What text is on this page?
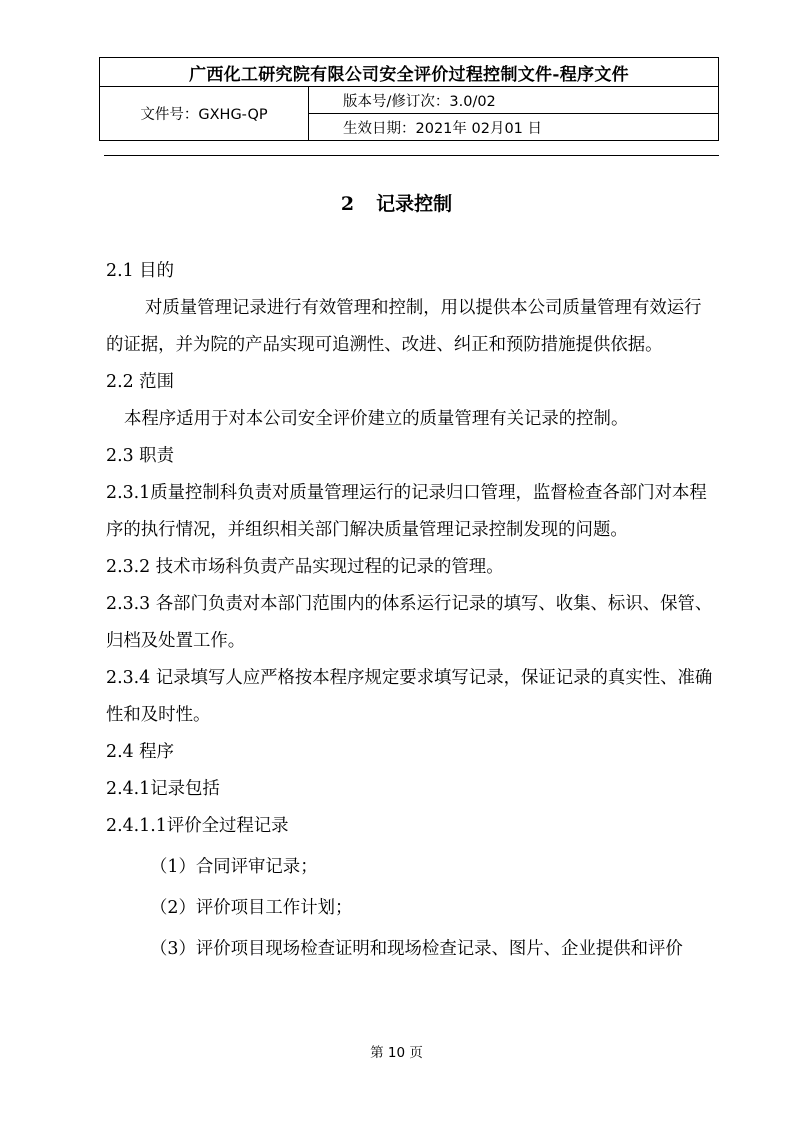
广西化工研究院有限公司安全评价过程控制文件-程序文件
文件号：GXHG-QP	版本号/修订次：3.0/02
生效日期：2021年 02月01 日
2 记录控制

2.1 目的

对质量管理记录进行有效管理和控制，用以提供本公司质量管理有效运行的证据，并为院的产品实现可追溯性、改进、纠正和预防措施提供依据。

2.2 范围

本程序适用于对本公司安全评价建立的质量管理有关记录的控制。

2.3 职责

2.3.1质量控制科负责对质量管理运行的记录归口管理，监督检查各部门对本程序的执行情况，并组织相关部门解决质量管理记录控制发现的问题。

2.3.2 技术市场科负责产品实现过程的记录的管理。

2.3.3 各部门负责对本部门范围内的体系运行记录的填写、收集、标识、保管、归档及处置工作。

2.3.4 记录填写人应严格按本程序规定要求填写记录，保证记录的真实性、准确性和及时性。

2.4 程序

2.4.1记录包括

2.4.1.1评价全过程记录

（1）合同评审记录；

（2）评价项目工作计划；

（3）评价项目现场检查证明和现场检查记录、图片、企业提供和评价

第 10 页
